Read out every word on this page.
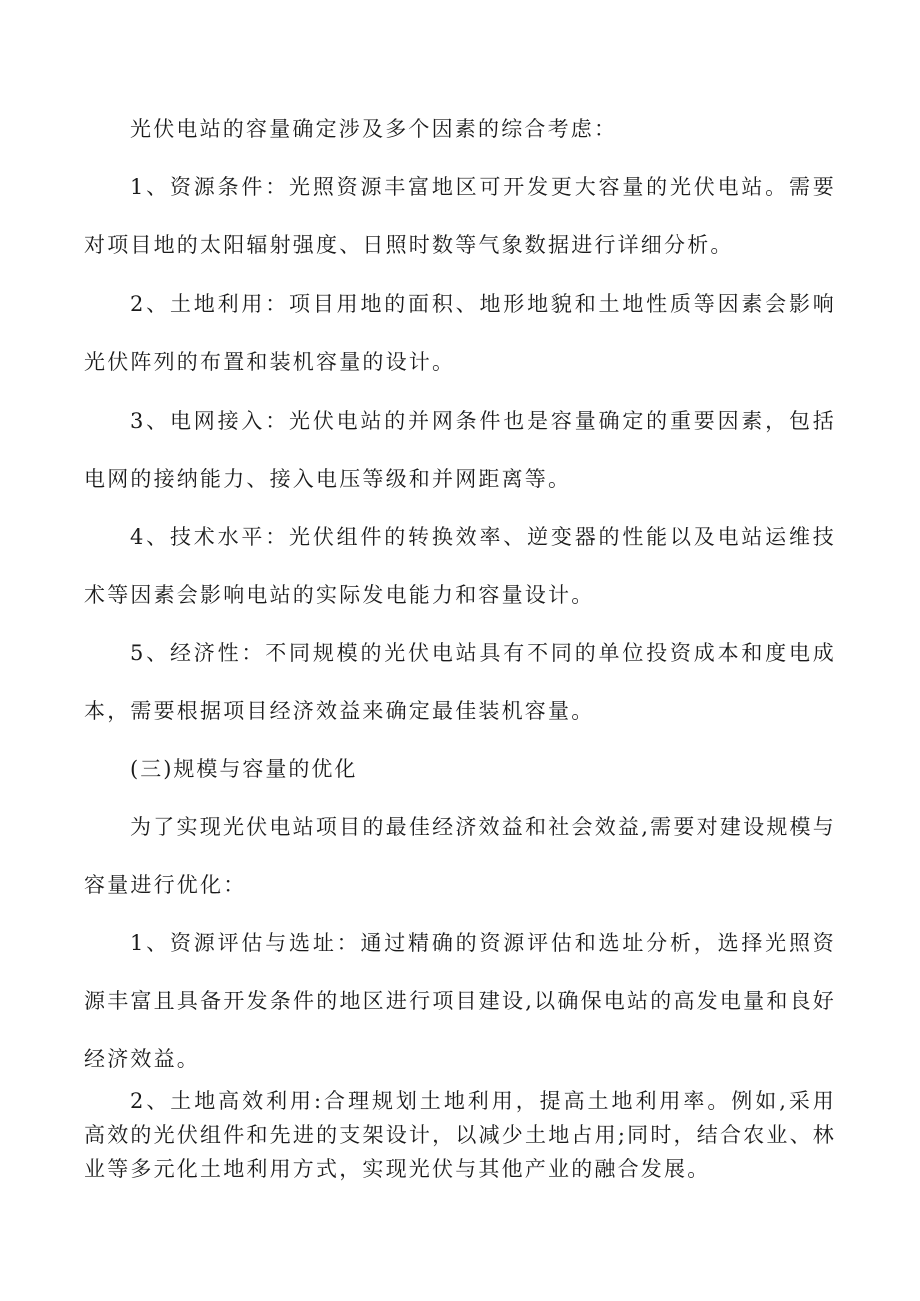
光伏电站的容量确定涉及多个因素的综合考虑：

1、资源条件：光照资源丰富地区可开发更大容量的光伏电站。需要对项目地的太阳辐射强度、日照时数等气象数据进行详细分析。

2、土地利用：项目用地的面积、地形地貌和土地性质等因素会影响光伏阵列的布置和装机容量的设计。

3、电网接入：光伏电站的并网条件也是容量确定的重要因素，包括电网的接纳能力、接入电压等级和并网距离等。

4、技术水平：光伏组件的转换效率、逆变器的性能以及电站运维技术等因素会影响电站的实际发电能力和容量设计。

5、经济性：不同规模的光伏电站具有不同的单位投资成本和度电成本，需要根据项目经济效益来确定最佳装机容量。

(三)规模与容量的优化

为了实现光伏电站项目的最佳经济效益和社会效益,需要对建设规模与容量进行优化：

1、资源评估与选址：通过精确的资源评估和选址分析，选择光照资源丰富且具备开发条件的地区进行项目建设,以确保电站的高发电量和良好经济效益。

2、土地高效利用:合理规划土地利用，提高土地利用率。例如,采用高效的光伏组件和先进的支架设计，以减少土地占用;同时，结合农业、林业等多元化土地利用方式，实现光伏与其他产业的融合发展。
